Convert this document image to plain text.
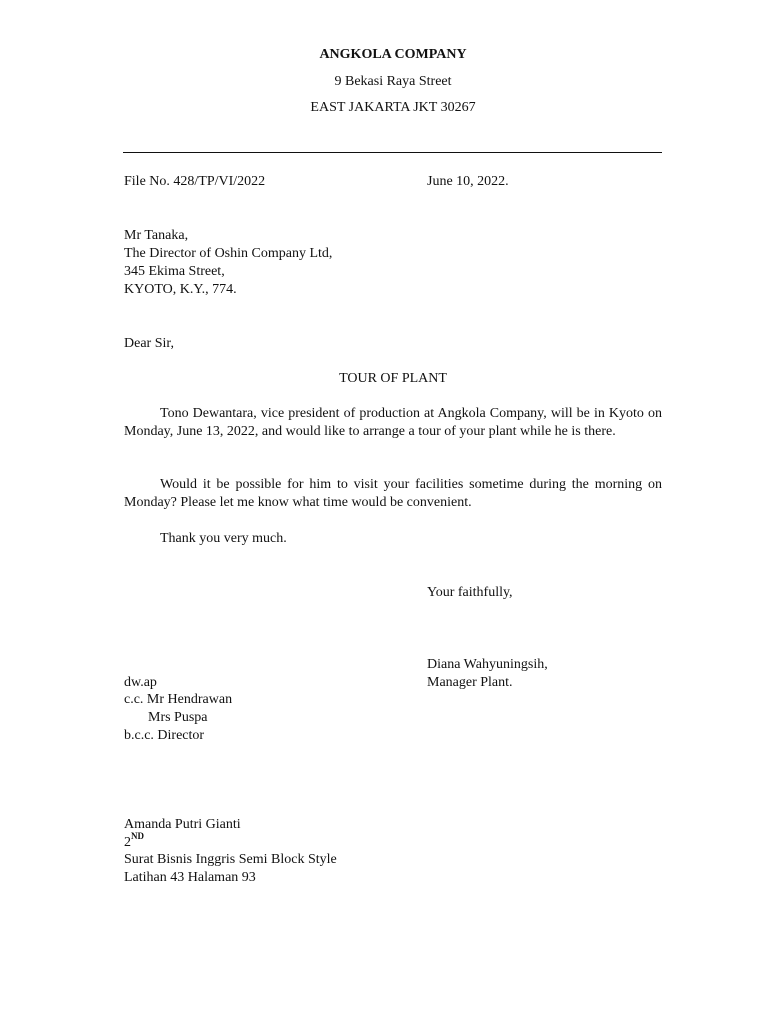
ANGKOLA COMPANY
9 Bekasi Raya Street
EAST JAKARTA JKT 30267
File No. 428/TP/VI/2022	June 10, 2022.
Mr Tanaka,
The Director of Oshin Company Ltd,
345 Ekima Street,
KYOTO, K.Y., 774.
Dear Sir,
TOUR OF PLANT
Tono Dewantara, vice president of production at Angkola Company, will be in Kyoto on Monday, June 13, 2022, and would like to arrange a tour of your plant while he is there.
Would it be possible for him to visit your facilities sometime during the morning on Monday? Please let me know what time would be convenient.
Thank you very much.
Your faithfully,
Diana Wahyuningsih,
Manager Plant.
dw.ap
c.c. Mr Hendrawan
Mrs Puspa
b.c.c. Director
Amanda Putri Gianti
2ND
Surat Bisnis Inggris Semi Block Style
Latihan 43 Halaman 93
